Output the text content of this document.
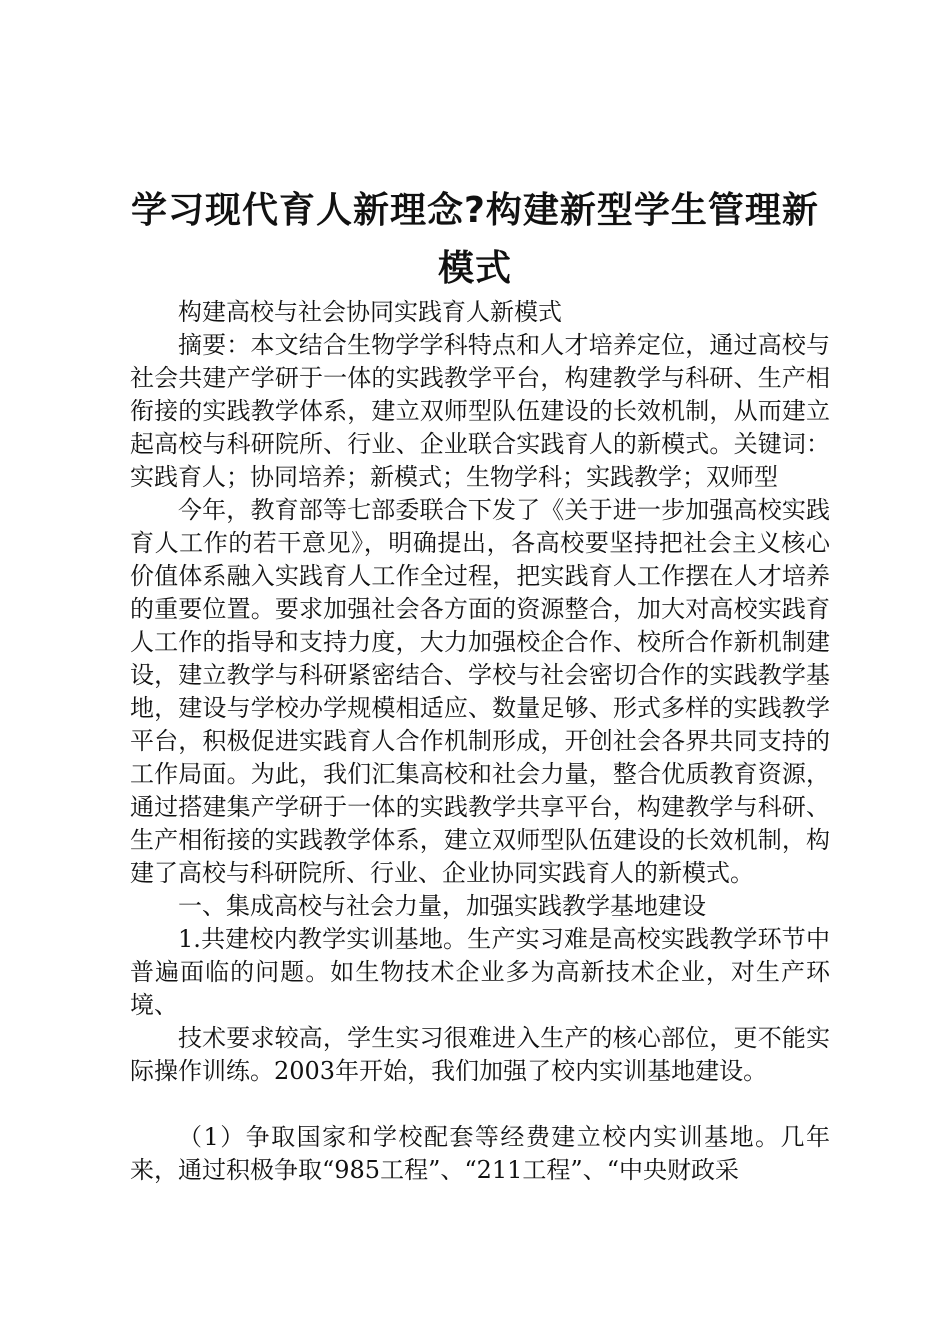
学习现代育人新理念?构建新型学生管理新模式

构建高校与社会协同实践育人新模式

摘要：本文结合生物学学科特点和人才培养定位，通过高校与社会共建产学研于一体的实践教学平台，构建教学与科研、生产相衔接的实践教学体系，建立双师型队伍建设的长效机制，从而建立起高校与科研院所、行业、企业联合实践育人的新模式。关键词：实践育人；协同培养；新模式；生物学科；实践教学；双师型

今年，教育部等七部委联合下发了《关于进一步加强高校实践育人工作的若干意见》，明确提出，各高校要坚持把社会主义核心价值体系融入实践育人工作全过程，把实践育人工作摆在人才培养的重要位置。要求加强社会各方面的资源整合，加大对高校实践育人工作的指导和支持力度，大力加强校企合作、校所合作新机制建设，建立教学与科研紧密结合、学校与社会密切合作的实践教学基地，建设与学校办学规模相适应、数量足够、形式多样的实践教学平台，积极促进实践育人合作机制形成，开创社会各界共同支持的工作局面。为此，我们汇集高校和社会力量，整合优质教育资源，通过搭建集产学研于一体的实践教学共享平台，构建教学与科研、生产相衔接的实践教学体系，建立双师型队伍建设的长效机制，构建了高校与科研院所、行业、企业协同实践育人的新模式。

一、集成高校与社会力量，加强实践教学基地建设

1.共建校内教学实训基地。生产实习难是高校实践教学环节中普遍面临的问题。如生物技术企业多为高新技术企业，对生产环境、

技术要求较高，学生实习很难进入生产的核心部位，更不能实际操作训练。2003年开始，我们加强了校内实训基地建设。

（1）争取国家和学校配套等经费建立校内实训基地。几年来，通过积极争取“985工程”、“211工程”、“中央财政采
